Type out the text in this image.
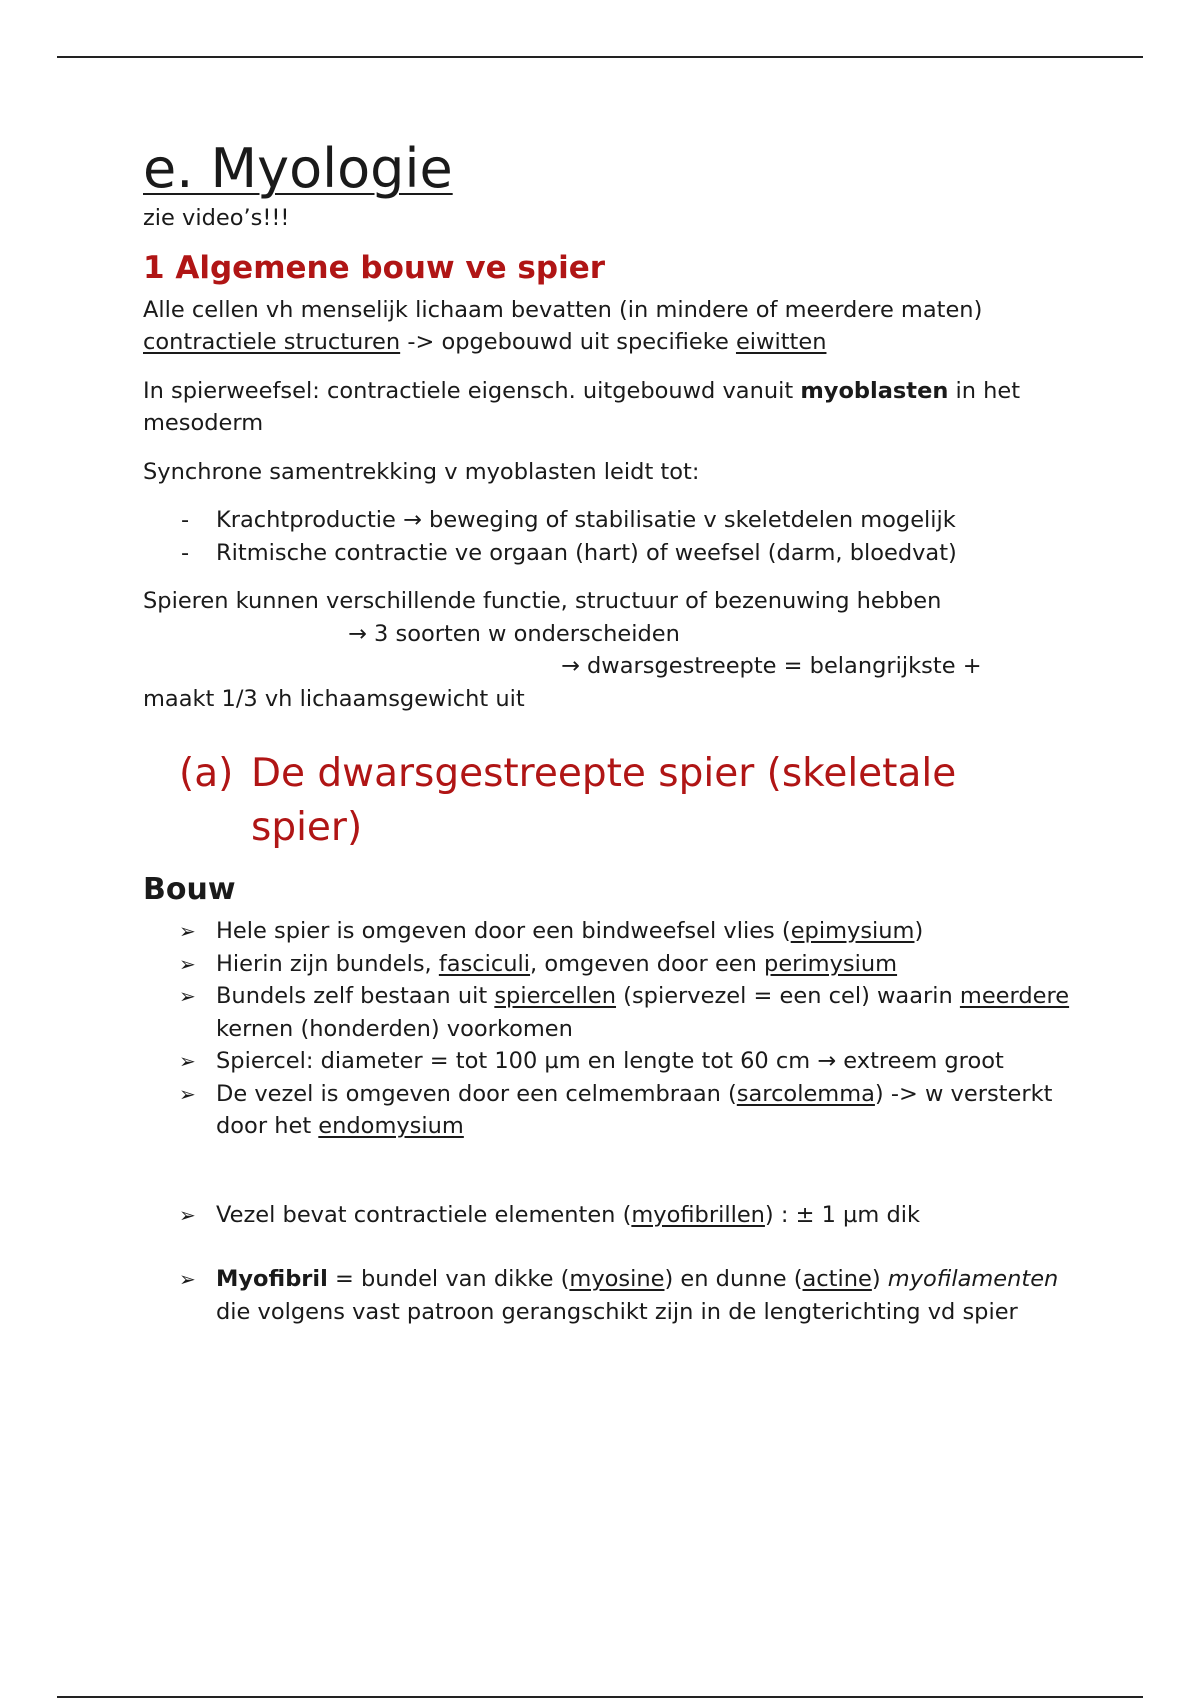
e. Myologie

zie video’s!!!

1 Algemene bouw ve spier

Alle cellen vh menselijk lichaam bevatten (in mindere of meerdere maten)
contractiele structuren -> opgebouwd uit specifieke eiwitten

In spierweefsel: contractiele eigensch. uitgebouwd vanuit myoblasten in het mesoderm

Synchrone samentrekking v myoblasten leidt tot:

- Krachtproductie → beweging of stabilisatie v skeletdelen mogelijk
- Ritmische contractie ve orgaan (hart) of weefsel (darm, bloedvat)

Spieren kunnen verschillende functie, structuur of bezenuwing hebben

→ 3 soorten w onderscheiden

→ dwarsgestreepte = belangrijkste +

maakt 1/3 vh lichaamsgewicht uit

(a) De dwarsgestreepte spier (skeletale spier)
Bouw
➢ Hele spier is omgeven door een bindweefsel vlies (epimysium)
➢ Hierin zijn bundels, fasciculi, omgeven door een perimysium
➢ Bundels zelf bestaan uit spiercellen (spiervezel = een cel) waarin meerdere kernen (honderden) voorkomen
➢ Spiercel: diameter = tot 100 µm en lengte tot 60 cm → extreem groot
➢ De vezel is omgeven door een celmembraan (sarcolemma) -> w versterkt door het endomysium
➢ Vezel bevat contractiele elementen (myofibrillen) : ± 1 µm dik
➢ Myofibril = bundel van dikke (myosine) en dunne (actine) myofilamenten die volgens vast patroon gerangschikt zijn in de lengterichting vd spier
